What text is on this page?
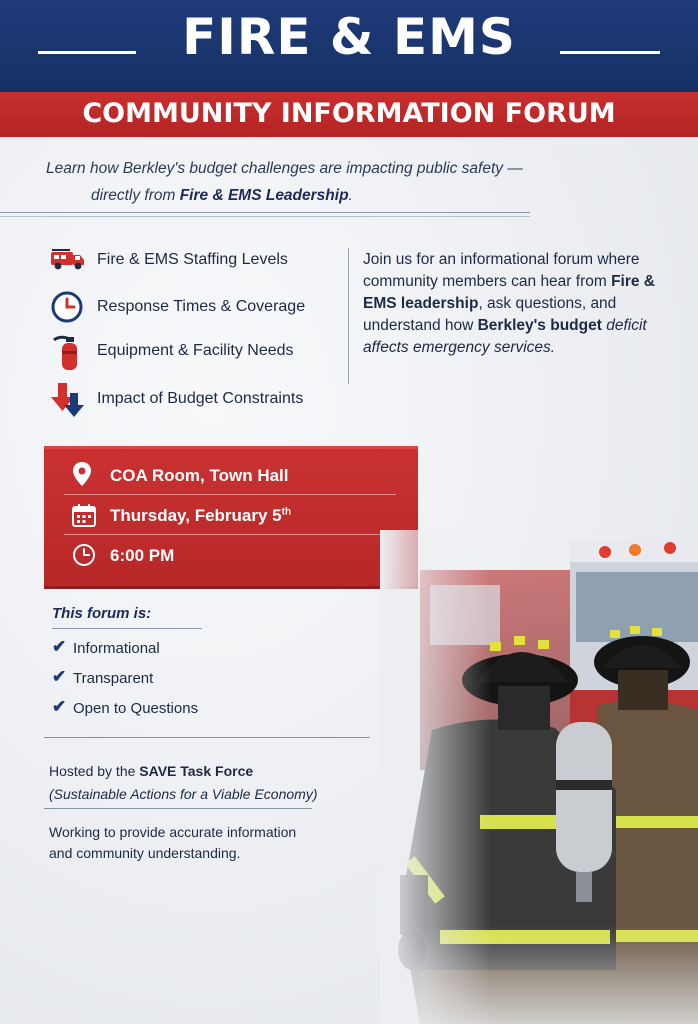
FIRE & EMS
COMMUNITY INFORMATION FORUM
Learn how Berkley's budget challenges are impacting public safety —
directly from Fire & EMS Leadership.
Fire & EMS Staffing Levels
Response Times & Coverage
Equipment & Facility Needs
Impact of Budget Constraints
Join us for an informational forum where community members can hear from Fire & EMS leadership, ask questions, and understand how Berkley's budget deficit affects emergency services.
COA Room, Town Hall
Thursday, February 5th
6:00 PM
This forum is:
✔ Informational
✔ Transparent
✔ Open to Questions
Hosted by the SAVE Task Force
(Sustainable Actions for a Viable Economy)
Working to provide accurate information and community understanding.
